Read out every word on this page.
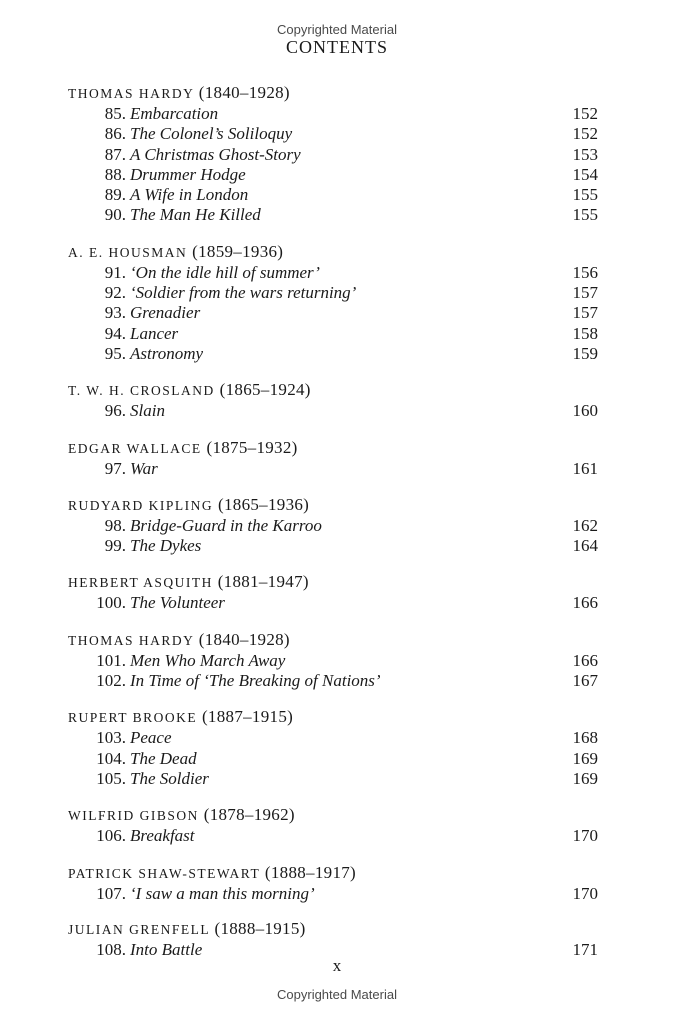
Copyrighted Material
CONTENTS
THOMAS HARDY (1840–1928)
85. Embarcation	152
86. The Colonel’s Soliloquy	152
87. A Christmas Ghost-Story	153
88. Drummer Hodge	154
89. A Wife in London	155
90. The Man He Killed	155
A. E. HOUSMAN (1859–1936)
91. ‘On the idle hill of summer’	156
92. ‘Soldier from the wars returning’	157
93. Grenadier	157
94. Lancer	158
95. Astronomy	159
T. W. H. CROSLAND (1865–1924)
96. Slain	160
EDGAR WALLACE (1875–1932)
97. War	161
RUDYARD KIPLING (1865–1936)
98. Bridge-Guard in the Karroo	162
99. The Dykes	164
HERBERT ASQUITH (1881–1947)
100. The Volunteer	166
THOMAS HARDY (1840–1928)
101. Men Who March Away	166
102. In Time of ‘The Breaking of Nations’	167
RUPERT BROOKE (1887–1915)
103. Peace	168
104. The Dead	169
105. The Soldier	169
WILFRID GIBSON (1878–1962)
106. Breakfast	170
PATRICK SHAW-STEWART (1888–1917)
107. ‘I saw a man this morning’	170
JULIAN GRENFELL (1888–1915)
108. Into Battle	171
x
Copyrighted Material
